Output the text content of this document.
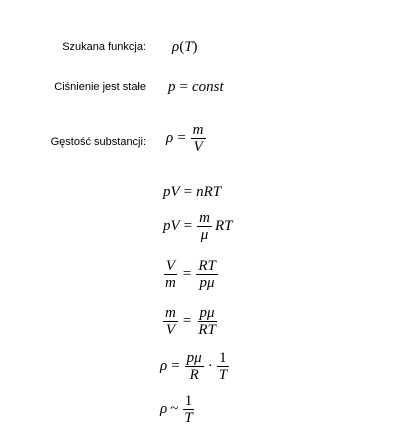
Szukana funkcja:
Ciśnienie jest stałe
Gęstość substancji:
ρ ( T )
p = const
$\rho = \frac{m}{V}$
pV = nRT
pV = $\frac{m}{\mu}$ RT
$\frac{V}{m} = \frac{RT}{p\mu}$
$\frac{m}{V} = \frac{p\mu}{RT}$
$\rho = \frac{p\mu}{R} \cdot \frac{1}{T}$
ρ ~ $\frac{1}{T}$
